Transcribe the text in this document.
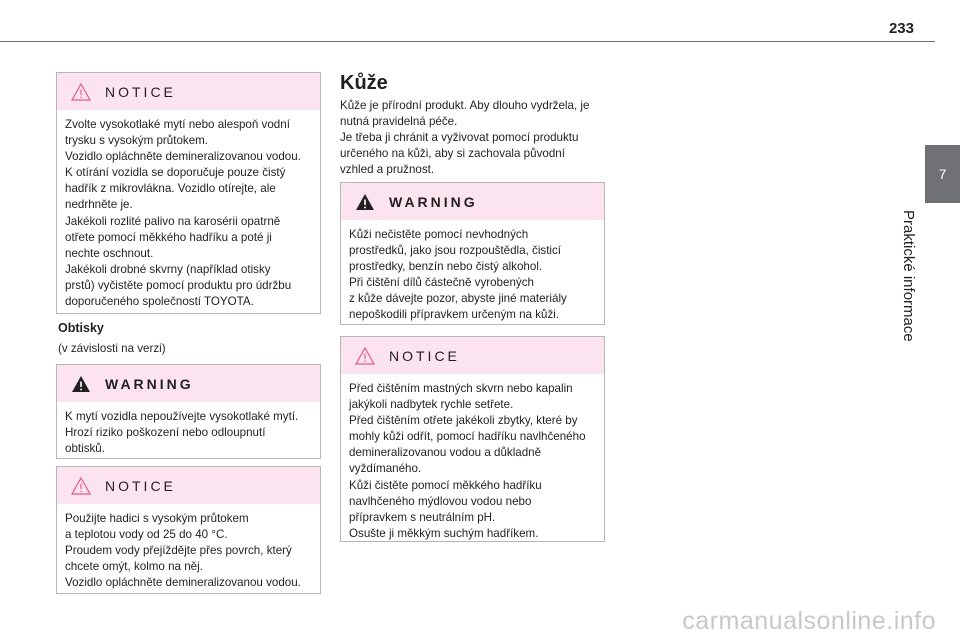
233
7
Praktické informace
NOTICE

Zvolte vysokotlaké mytí nebo alespoň vodní
trysku s vysokým průtokem.
Vozidlo opláchněte demineralizovanou vodou.
K otírání vozidla se doporučuje pouze čistý
hadřík z mikrovlákna. Vozidlo otírejte, ale
nedrhněte je.
Jakékoli rozlité palivo na karosérii opatrně
otřete pomocí měkkého hadříku a poté ji
nechte oschnout.
Jakékoli drobné skvrny (například otisky
prstů) vyčistěte pomocí produktu pro údržbu
doporučeného společností TOYOTA.

Obtisky
(v závislosti na verzi)
WARNING

K mytí vozidla nepoužívejte vysokotlaké mytí.
Hrozí riziko poškození nebo odloupnutí
obtisků.

NOTICE

Použijte hadici s vysokým průtokem
a teplotou vody od 25 do 40 °C.
Proudem vody přejíždějte přes povrch, který
chcete omýt, kolmo na něj.
Vozidlo opláchněte demineralizovanou vodou.

Kůže

Kůže je přírodní produkt. Aby dlouho vydržela, je
nutná pravidelná péče.
Je třeba ji chránit a vyživovat pomocí produktu
určeného na kůži, aby si zachovala původní
vzhled a pružnost.

WARNING

Kůži nečistěte pomocí nevhodných
prostředků, jako jsou rozpouštědla, čisticí
prostředky, benzín nebo čistý alkohol.
Při čištění dílů částečně vyrobených
z kůže dávejte pozor, abyste jiné materiály
nepoškodili přípravkem určeným na kůži.

NOTICE

Před čištěním mastných skvrn nebo kapalin
jakýkoli nadbytek rychle setřete.
Před čištěním otřete jakékoli zbytky, které by
mohly kůži odřít, pomocí hadříku navlhčeného
demineralizovanou vodou a důkladně
vyždímaného.
Kůži čistěte pomocí měkkého hadříku
navlhčeného mýdlovou vodou nebo
přípravkem s neutrálním pH.
Osušte ji měkkým suchým hadříkem.

carmanualsonline.info
